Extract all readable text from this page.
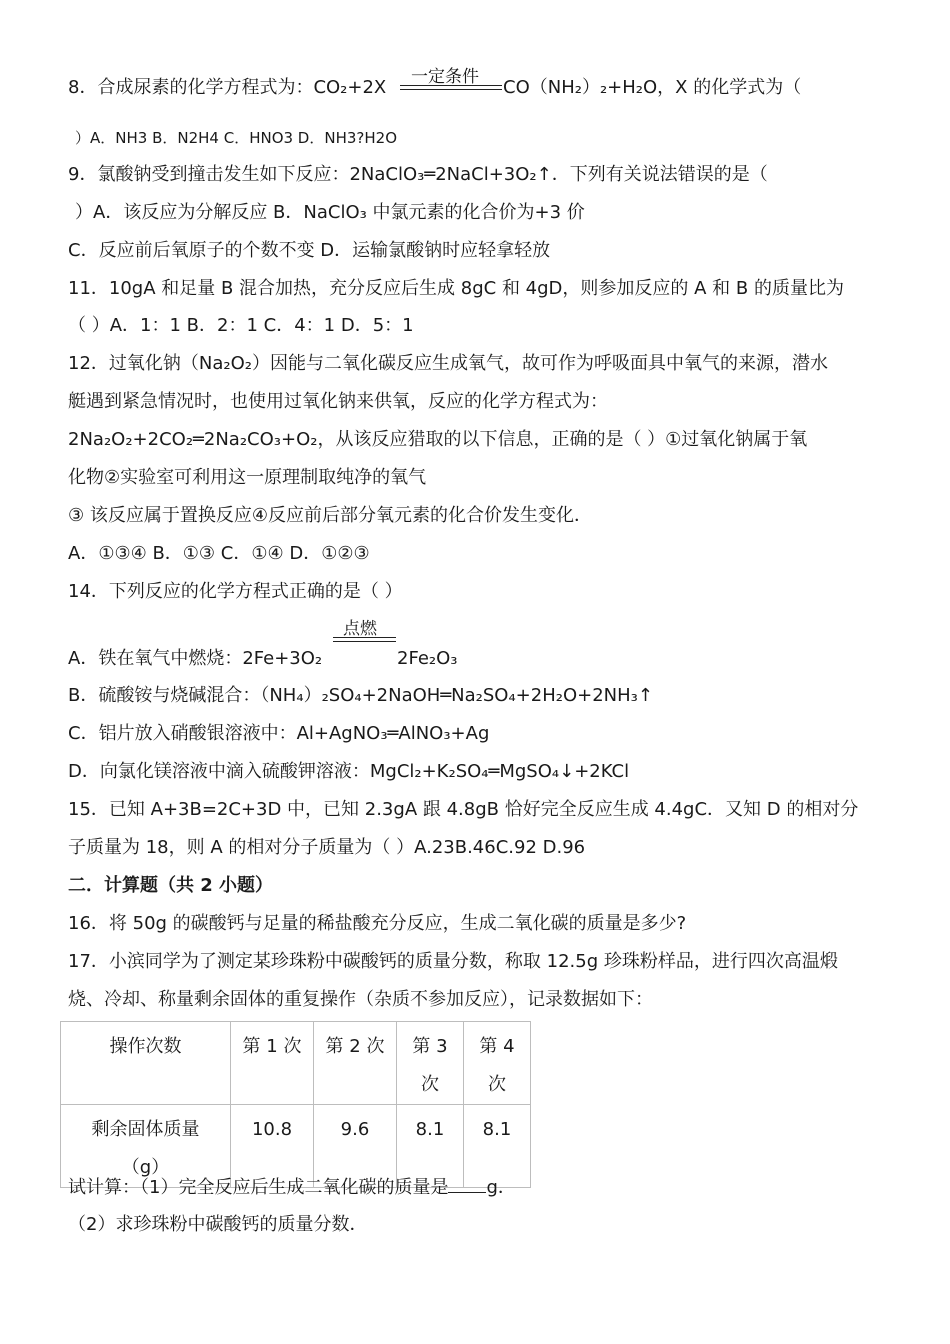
一定条件
8．合成尿素的化学方程式为：CO₂+2X	CO（NH₂）₂+H₂O，X 的化学式为（
）A．NH3 B．N2H4 C．HNO3 D．NH3?H2O
9．氯酸钠受到撞击发生如下反应：2NaClO₃═2NaCl+3O₂↑．下列有关说法错误的是（
）A．该反应为分解反应 B．NaClO₃ 中氯元素的化合价为+3 价
C．反应前后氧原子的个数不变 D．运输氯酸钠时应轻拿轻放
11．10gA 和足量 B 混合加热，充分反应后生成 8gC 和 4gD，则参加反应的 A 和 B 的质量比为
（ ）A．1：1 B．2：1 C．4：1 D．5：1
12．过氧化钠（Na₂O₂）因能与二氧化碳反应生成氧气，故可作为呼吸面具中氧气的来源，潜水
艇遇到紧急情况时，也使用过氧化钠来供氧，反应的化学方程式为：
2Na₂O₂+2CO₂═2Na₂CO₃+O₂，从该反应猎取的以下信息，正确的是（ ）①过氧化钠属于氧
化物②实验室可利用这一原理制取纯净的氧气
③ 该反应属于置换反应④反应前后部分氧元素的化合价发生变化．
A．①③④ B．①③ C．①④ D．①②③
14．下列反应的化学方程式正确的是（ ）
点燃
A．铁在氧气中燃烧：2Fe+3O₂	2Fe₂O₃
B．硫酸铵与烧碱混合：（NH₄）₂SO₄+2NaOH═Na₂SO₄+2H₂O+2NH₃↑
C．铝片放入硝酸银溶液中：Al+AgNO₃═AlNO₃+Ag
D．向氯化镁溶液中滴入硫酸钾溶液：MgCl₂+K₂SO₄═MgSO₄↓+2KCl
15．已知 A+3B=2C+3D 中，已知 2.3gA 跟 4.8gB 恰好完全反应生成 4.4gC．又知 D 的相对分
子质量为 18，则 A 的相对分子质量为（ ）A.23B.46C.92 D.96
二．计算题（共 2 小题）
16．将 50g 的碳酸钙与足量的稀盐酸充分反应，生成二氧化碳的质量是多少?
17．小滨同学为了测定某珍珠粉中碳酸钙的质量分数，称取 12.5g 珍珠粉样品，进行四次高温煅
烧、冷却、称量剩余固体的重复操作（杂质不参加反应），记录数据如下：
操作次数	第 1 次	第 2 次	第 3
次	第 4
次
剩余固体质量
（g）	10.8	9.6	8.1	8.1
试计算：（1）完全反应后生成二氧化碳的质量是 g．
（2）求珍珠粉中碳酸钙的质量分数．
